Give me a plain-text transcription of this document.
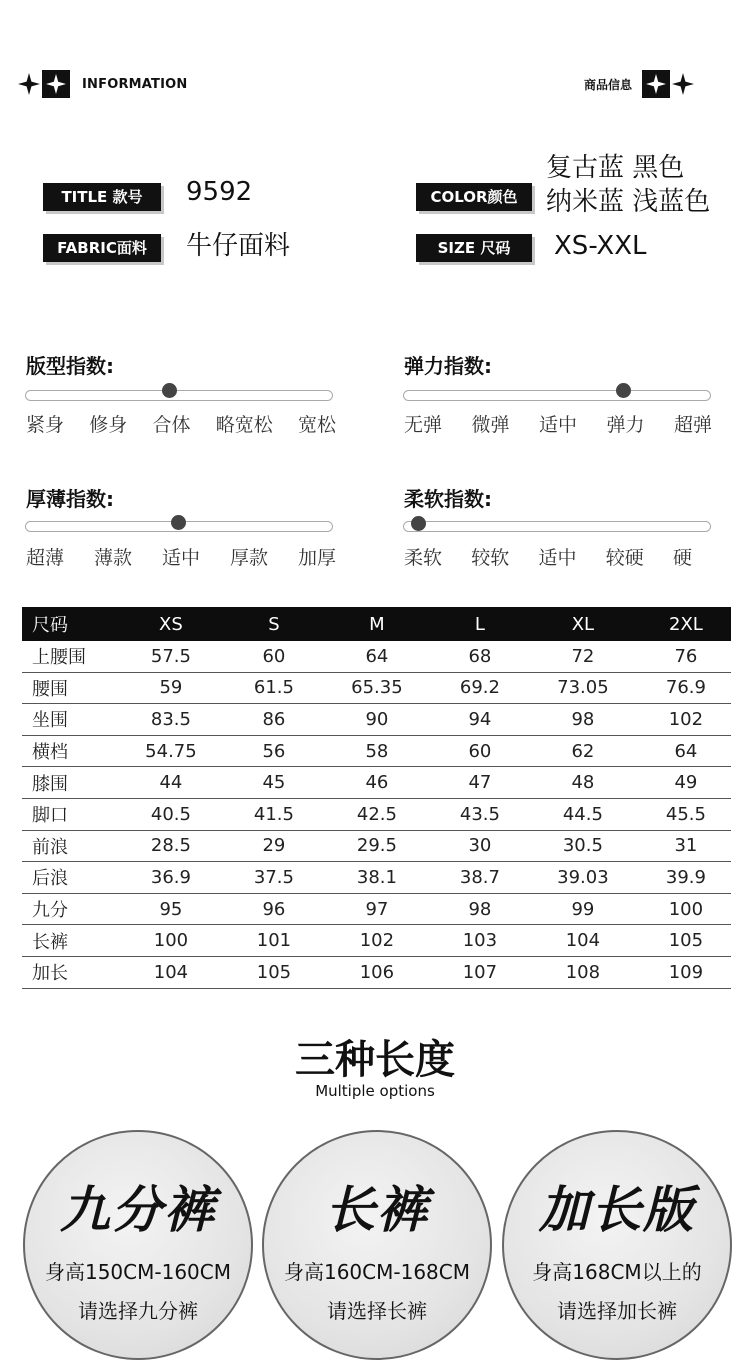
INFORMATION	商品信息
TITLE 款号	9592
FABRIC面料	牛仔面料
COLOR颜色
复古蓝 黑色
纳米蓝 浅蓝色
SIZE 尺码	XS-XXL
版型指数:
紧身 修身 合体 略宽松 宽松
弹力指数:
无弹 微弹 适中 弹力 超弹
厚薄指数:
超薄 薄款 适中 厚款 加厚
柔软指数:
柔软 较软 适中 较硬 硬
尺码	XS	S	M	L	XL	2XL
上腰围	57.5	60	64	68	72	76
腰围	59	61.5	65.35	69.2	73.05	76.9
坐围	83.5	86	90	94	98	102
横档	54.75	56	58	60	62	64
膝围	44	45	46	47	48	49
脚口	40.5	41.5	42.5	43.5	44.5	45.5
前浪	28.5	29	29.5	30	30.5	31
后浪	36.9	37.5	38.1	38.7	39.03	39.9
九分	95	96	97	98	99	100
长裤	100	101	102	103	104	105
加长	104	105	106	107	108	109
三种长度
Multiple options
九分裤
身高150CM-160CM
请选择九分裤
长裤
身高160CM-168CM
请选择长裤
加长版
身高168CM以上的
请选择加长裤
